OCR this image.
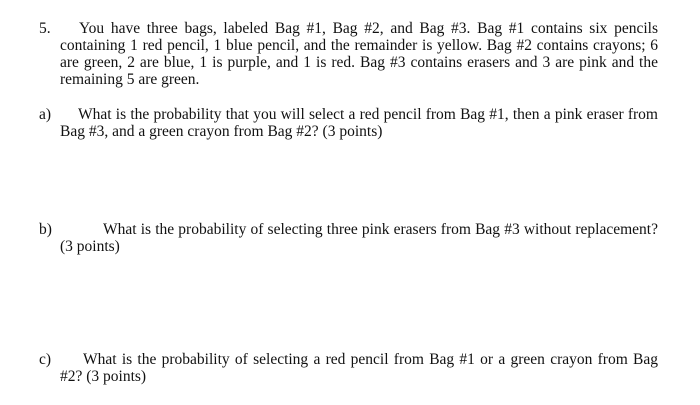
5.	You have three bags, labeled Bag #1, Bag #2, and Bag #3. Bag #1 contains six pencils containing 1 red pencil, 1 blue pencil, and the remainder is yellow. Bag #2 contains crayons; 6 are green, 2 are blue, 1 is purple, and 1 is red. Bag #3 contains erasers and 3 are pink and the remaining 5 are green.
a)	What is the probability that you will select a red pencil from Bag #1, then a pink eraser from Bag #3, and a green crayon from Bag #2? (3 points)
b)	What is the probability of selecting three pink erasers from Bag #3 without replacement? (3 points)
c)	What is the probability of selecting a red pencil from Bag #1 or a green crayon from Bag #2? (3 points)
